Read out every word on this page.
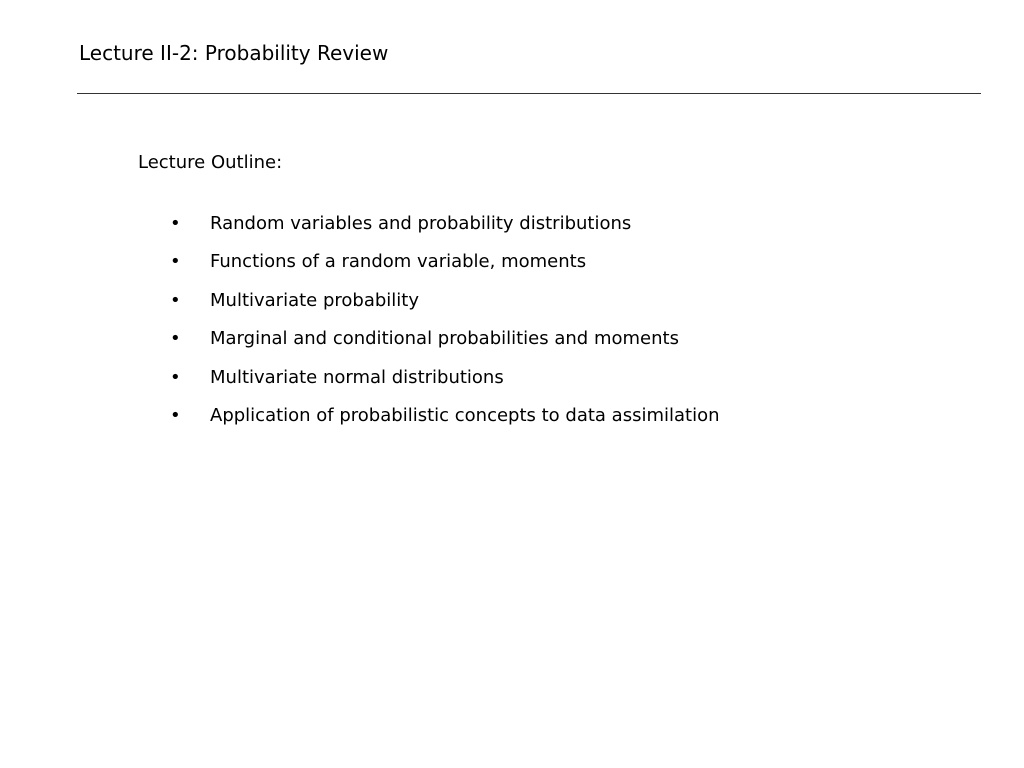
Lecture II-2: Probability Review
Lecture Outline:
• Random variables and probability distributions
• Functions of a random variable, moments
• Multivariate probability
• Marginal and conditional probabilities and moments
• Multivariate normal distributions
• Application of probabilistic concepts to data assimilation
